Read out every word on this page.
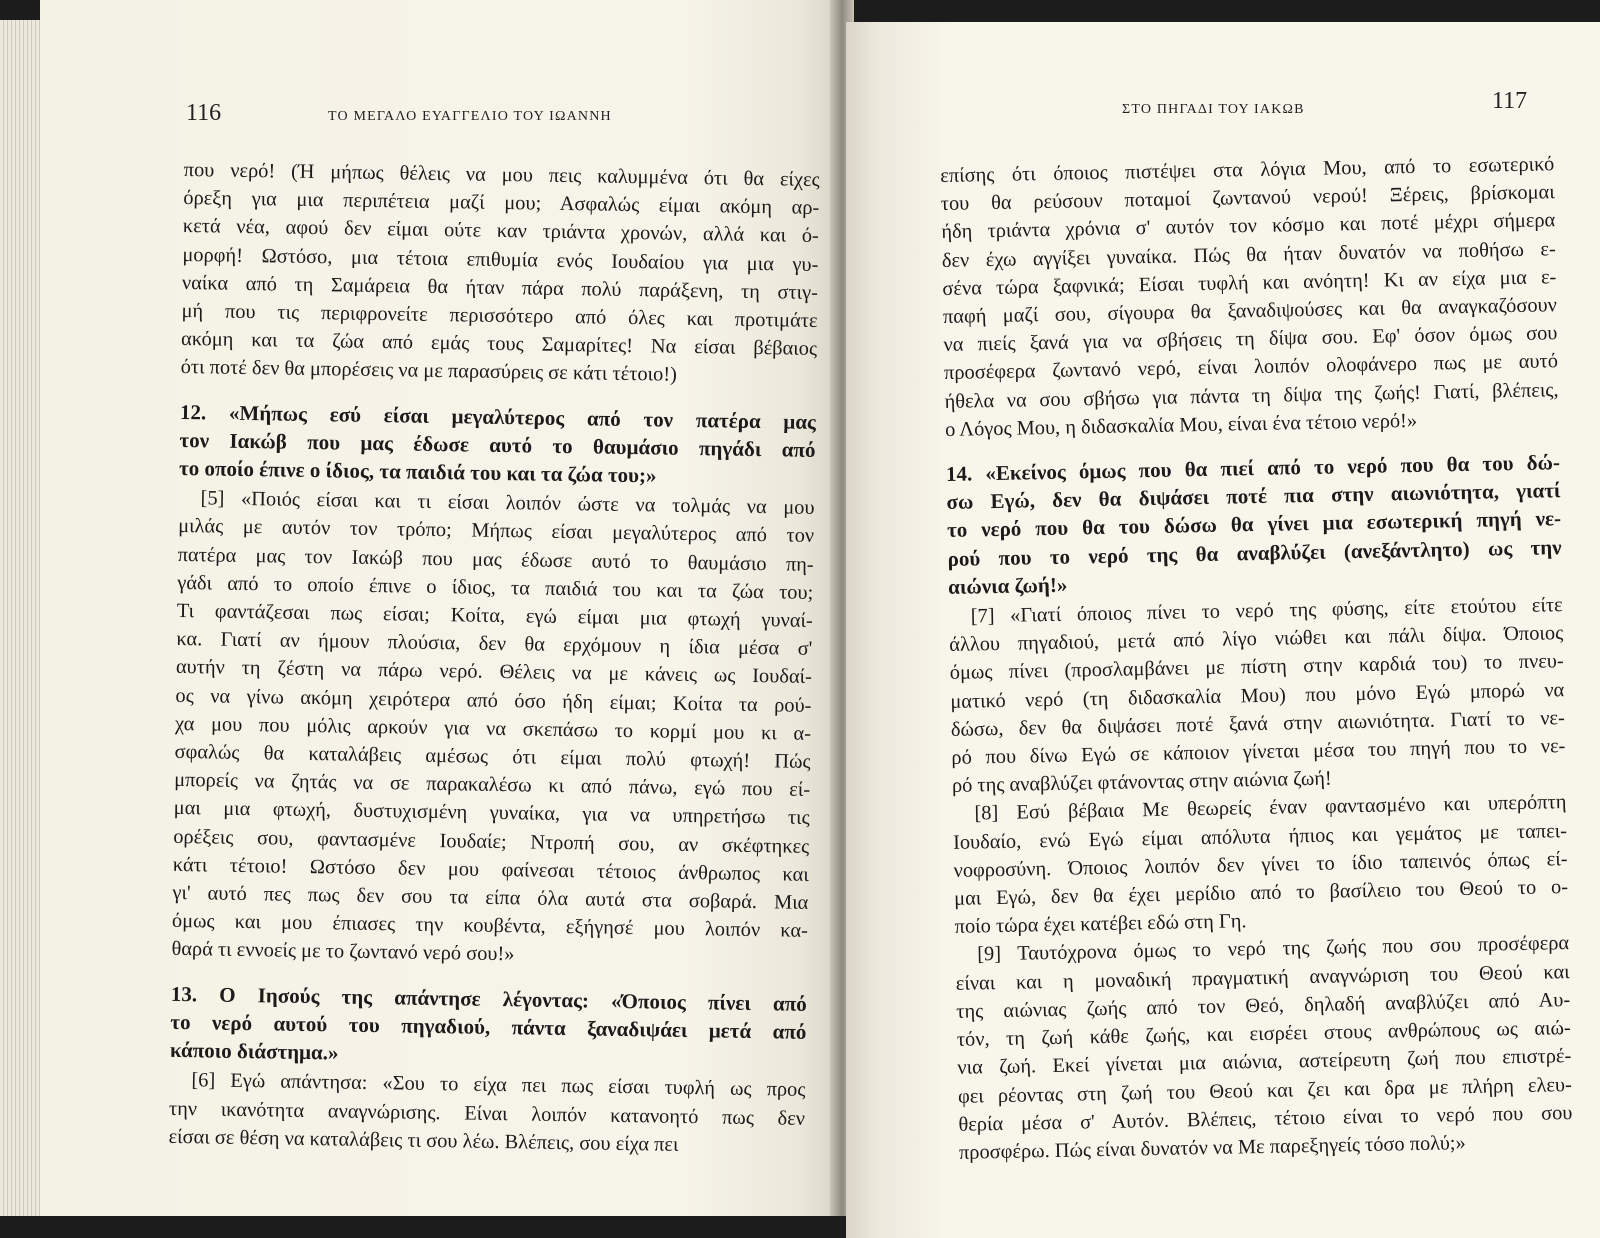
116	ΤΟ ΜΕΓΑΛΟ ΕΥΑΓΓΕΛΙΟ ΤΟΥ ΙΩΑΝΝΗ

που νερό! (Ή μήπως θέλεις να μου πεις καλυμμένα ότι θα είχες
όρεξη για μια περιπέτεια μαζί μου; Ασφαλώς είμαι ακόμη αρ-
κετά νέα, αφού δεν είμαι ούτε καν τριάντα χρονών, αλλά και ό-
μορφή! Ωστόσο, μια τέτοια επιθυμία ενός Ιουδαίου για μια γυ-
ναίκα από τη Σαμάρεια θα ήταν πάρα πολύ παράξενη, τη στιγ-
μή που τις περιφρονείτε περισσότερο από όλες και προτιμάτε
ακόμη και τα ζώα από εμάς τους Σαμαρίτες! Να είσαι βέβαιος
ότι ποτέ δεν θα μπορέσεις να με παρασύρεις σε κάτι τέτοιο!)

12. «Μήπως εσύ είσαι μεγαλύτερος από τον πατέρα μας
τον Ιακώβ που μας έδωσε αυτό το θαυμάσιο πηγάδι από
το οποίο έπινε ο ίδιος, τα παιδιά του και τα ζώα του;»

[5] «Ποιός είσαι και τι είσαι λοιπόν ώστε να τολμάς να μου
μιλάς με αυτόν τον τρόπο; Μήπως είσαι μεγαλύτερος από τον
πατέρα μας τον Ιακώβ που μας έδωσε αυτό το θαυμάσιο πη-
γάδι από το οποίο έπινε ο ίδιος, τα παιδιά του και τα ζώα του;
Τι φαντάζεσαι πως είσαι; Κοίτα, εγώ είμαι μια φτωχή γυναί-
κα. Γιατί αν ήμουν πλούσια, δεν θα ερχόμουν η ίδια μέσα σ'
αυτήν τη ζέστη να πάρω νερό. Θέλεις να με κάνεις ως Ιουδαί-
ος να γίνω ακόμη χειρότερα από όσο ήδη είμαι; Κοίτα τα ρού-
χα μου που μόλις αρκούν για να σκεπάσω το κορμί μου κι α-
σφαλώς θα καταλάβεις αμέσως ότι είμαι πολύ φτωχή! Πώς
μπορείς να ζητάς να σε παρακαλέσω κι από πάνω, εγώ που εί-
μαι μια φτωχή, δυστυχισμένη γυναίκα, για να υπηρετήσω τις
ορέξεις σου, φαντασμένε Ιουδαίε; Ντροπή σου, αν σκέφτηκες
κάτι τέτοιο! Ωστόσο δεν μου φαίνεσαι τέτοιος άνθρωπος και
γι' αυτό πες πως δεν σου τα είπα όλα αυτά στα σοβαρά. Μια
όμως και μου έπιασες την κουβέντα, εξήγησέ μου λοιπόν κα-
θαρά τι εννοείς με το ζωντανό νερό σου!»

13. Ο Ιησούς της απάντησε λέγοντας: «Όποιος πίνει από
το νερό αυτού του πηγαδιού, πάντα ξαναδιψάει μετά από
κάποιο διάστημα.»

[6] Εγώ απάντησα: «Σου το είχα πει πως είσαι τυφλή ως προς
την ικανότητα αναγνώρισης. Είναι λοιπόν κατανοητό πως δεν
είσαι σε θέση να καταλάβεις τι σου λέω. Βλέπεις, σου είχα πει

117
ΣΤΟ ΠΗΓΑΔΙ ΤΟΥ ΙΑΚΩΒ

επίσης ότι όποιος πιστέψει στα λόγια Μου, από το εσωτερικό
του θα ρεύσουν ποταμοί ζωντανού νερού! Ξέρεις, βρίσκομαι
ήδη τριάντα χρόνια σ' αυτόν τον κόσμο και ποτέ μέχρι σήμερα
δεν έχω αγγίξει γυναίκα. Πώς θα ήταν δυνατόν να ποθήσω ε-
σένα τώρα ξαφνικά; Είσαι τυφλή και ανόητη! Κι αν είχα μια ε-
παφή μαζί σου, σίγουρα θα ξαναδιψούσες και θα αναγκαζόσουν
να πιείς ξανά για να σβήσεις τη δίψα σου. Εφ' όσον όμως σου
προσέφερα ζωντανό νερό, είναι λοιπόν ολοφάνερο πως με αυτό
ήθελα να σου σβήσω για πάντα τη δίψα της ζωής! Γιατί, βλέπεις,
ο Λόγος Μου, η διδασκαλία Μου, είναι ένα τέτοιο νερό!»

14. «Εκείνος όμως που θα πιεί από το νερό που θα του δώ-
σω Εγώ, δεν θα διψάσει ποτέ πια στην αιωνιότητα, γιατί
το νερό που θα του δώσω θα γίνει μια εσωτερική πηγή νε-
ρού που το νερό της θα αναβλύζει (ανεξάντλητο) ως την
αιώνια ζωή!»

[7] «Γιατί όποιος πίνει το νερό της φύσης, είτε ετούτου είτε
άλλου πηγαδιού, μετά από λίγο νιώθει και πάλι δίψα. Όποιος
όμως πίνει (προσλαμβάνει με πίστη στην καρδιά του) το πνευ-
ματικό νερό (τη διδασκαλία Μου) που μόνο Εγώ μπορώ να
δώσω, δεν θα διψάσει ποτέ ξανά στην αιωνιότητα. Γιατί το νε-
ρό που δίνω Εγώ σε κάποιον γίνεται μέσα του πηγή που το νε-
ρό της αναβλύζει φτάνοντας στην αιώνια ζωή!

[8] Εσύ βέβαια Με θεωρείς έναν φαντασμένο και υπερόπτη
Ιουδαίο, ενώ Εγώ είμαι απόλυτα ήπιος και γεμάτος με ταπει-
νοφροσύνη. Όποιος λοιπόν δεν γίνει το ίδιο ταπεινός όπως εί-
μαι Εγώ, δεν θα έχει μερίδιο από το βασίλειο του Θεού το ο-
ποίο τώρα έχει κατέβει εδώ στη Γη.

[9] Ταυτόχρονα όμως το νερό της ζωής που σου προσέφερα
είναι και η μοναδική πραγματική αναγνώριση του Θεού και
της αιώνιας ζωής από τον Θεό, δηλαδή αναβλύζει από Αυ-
τόν, τη ζωή κάθε ζωής, και εισρέει στους ανθρώπους ως αιώ-
νια ζωή. Εκεί γίνεται μια αιώνια, αστείρευτη ζωή που επιστρέ-
φει ρέοντας στη ζωή του Θεού και ζει και δρα με πλήρη ελευ-
θερία μέσα σ' Αυτόν. Βλέπεις, τέτοιο είναι το νερό που σου
προσφέρω. Πώς είναι δυνατόν να Με παρεξηγείς τόσο πολύ;»
